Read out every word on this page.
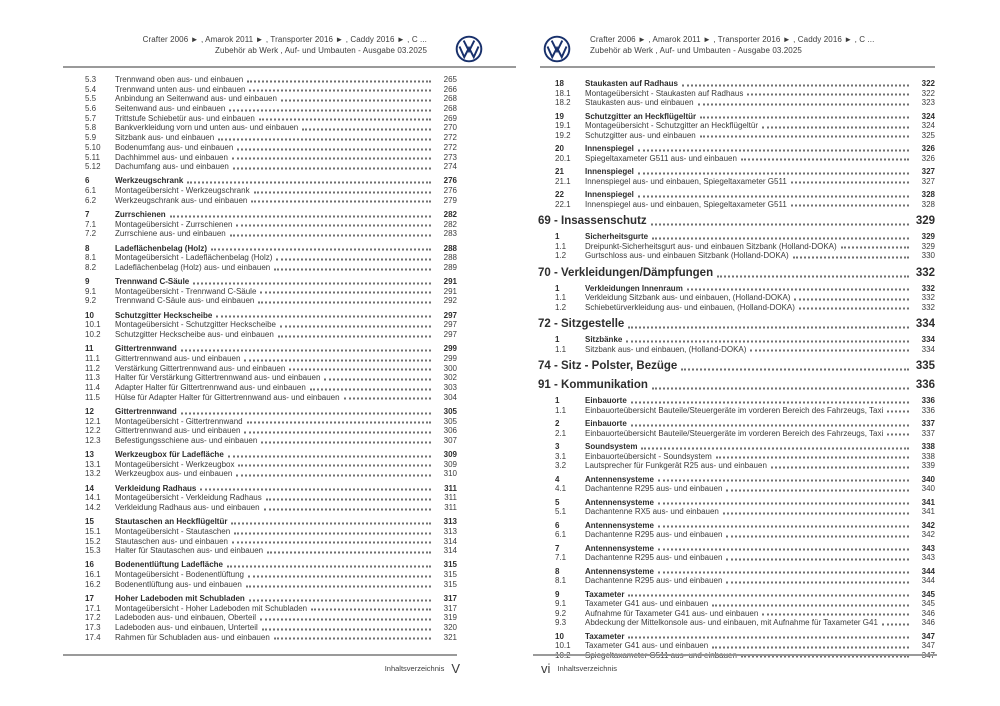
Crafter 2006 ► , Amarok 2011 ► , Transporter 2016 ► , Caddy 2016 ► , C ...
Zubehör ab Werk , Auf- und Umbauten - Ausgabe 03.2025
5.3	Trennwand oben aus- und einbauen	265
5.4	Trennwand unten aus- und einbauen	266
5.5	Anbindung an Seitenwand aus- und einbauen	268
5.6	Seitenwand aus- und einbauen	268
5.7	Trittstufe Schiebetür aus- und einbauen	269
5.8	Bankverkleidung vorn und unten aus- und einbauen	270
5.9	Sitzbank aus- und einbauen	272
5.10	Bodenumfang aus- und einbauen	272
5.11	Dachhimmel aus- und einbauen	273
5.12	Dachumfang aus- und einbauen	274
6	Werkzeugschrank	276
6.1	Montageübersicht - Werkzeugschrank	276
6.2	Werkzeugschrank aus- und einbauen	279
7	Zurrschienen	282
7.1	Montageübersicht - Zurrschienen	282
7.2	Zurrschiene aus- und einbauen	283
8	Ladeflächenbelag (Holz)	288
8.1	Montageübersicht - Ladeflächenbelag (Holz)	288
8.2	Ladeflächenbelag (Holz) aus- und einbauen	289
9	Trennwand C-Säule	291
9.1	Montageübersicht - Trennwand C-Säule	291
9.2	Trennwand C-Säule aus- und einbauen	292
10	Schutzgitter Heckscheibe	297
10.1	Montageübersicht - Schutzgitter Heckscheibe	297
10.2	Schutzgitter Heckscheibe aus- und einbauen	297
11	Gittertrennwand	299
11.1	Gittertrennwand aus- und einbauen	299
11.2	Verstärkung Gittertrennwand aus- und einbauen	300
11.3	Halter für Verstärkung Gittertrennwand aus- und einbauen	302
11.4	Adapter Halter für Gittertrennwand aus- und einbauen	303
11.5	Hülse für Adapter Halter für Gittertrennwand aus- und einbauen	304
12	Gittertrennwand	305
12.1	Montageübersicht - Gittertrennwand	305
12.2	Gittertrennwand aus- und einbauen	306
12.3	Befestigungsschiene aus- und einbauen	307
13	Werkzeugbox für Ladefläche	309
13.1	Montageübersicht - Werkzeugbox	309
13.2	Werkzeugbox aus- und einbauen	310
14	Verkleidung Radhaus	311
14.1	Montageübersicht - Verkleidung Radhaus	311
14.2	Verkleidung Radhaus aus- und einbauen	311
15	Stautaschen an Heckflügeltür	313
15.1	Montageübersicht - Stautaschen	313
15.2	Stautaschen aus- und einbauen	314
15.3	Halter für Stautaschen aus- und einbauen	314
16	Bodenentlüftung Ladefläche	315
16.1	Montageübersicht - Bodenentlüftung	315
16.2	Bodenentlüftung aus- und einbauen	315
17	Hoher Ladeboden mit Schubladen	317
17.1	Montageübersicht - Hoher Ladeboden mit Schubladen	317
17.2	Ladeboden aus- und einbauen, Oberteil	319
17.3	Ladeboden aus- und einbauen, Unterteil	320
17.4	Rahmen für Schubladen aus- und einbauen	321
Inhaltsverzeichnis V
Crafter 2006 ► , Amarok 2011 ► , Transporter 2016 ► , Caddy 2016 ► , C ...
Zubehör ab Werk , Auf- und Umbauten - Ausgabe 03.2025
18	Staukasten auf Radhaus	322
18.1	Montageübersicht - Staukasten auf Radhaus	322
18.2	Staukasten aus- und einbauen	323
19	Schutzgitter an Heckflügeltür	324
19.1	Montageübersicht - Schutzgitter an Heckflügeltür	324
19.2	Schutzgitter aus- und einbauen	325
20	Innenspiegel	326
20.1	Spiegeltaxameter G511 aus- und einbauen	326
21	Innenspiegel	327
21.1	Innenspiegel aus- und einbauen, Spiegeltaxameter G511	327
22	Innenspiegel	328
22.1	Innenspiegel aus- und einbauen, Spiegeltaxameter G511	328
69 - Insassenschutz	329
1	Sicherheitsgurte	329
1.1	Dreipunkt-Sicherheitsgurt aus- und einbauen Sitzbank (Holland-DOKA)	329
1.2	Gurtschloss aus- und einbauen Sitzbank (Holland-DOKA)	330
70 - Verkleidungen/Dämpfungen	332
1	Verkleidungen Innenraum	332
1.1	Verkleidung Sitzbank aus- und einbauen, (Holland-DOKA)	332
1.2	Schiebetürverkleidung aus- und einbauen, (Holland-DOKA)	332
72 - Sitzgestelle	334
1	Sitzbänke	334
1.1	Sitzbank aus- und einbauen, (Holland-DOKA)	334
74 - Sitz - Polster, Bezüge	335
91 - Kommunikation	336
1	Einbauorte	336
1.1	Einbauorteübersicht Bauteile/Steuergeräte im vorderen Bereich des Fahrzeugs, Taxi	336
2	Einbauorte	337
2.1	Einbauorteübersicht Bauteile/Steuergeräte im vorderen Bereich des Fahrzeugs, Taxi	337
3	Soundsystem	338
3.1	Einbauorteübersicht - Soundsystem	338
3.2	Lautsprecher für Funkgerät R25 aus- und einbauen	339
4	Antennensysteme	340
4.1	Dachantenne R295 aus- und einbauen	340
5	Antennensysteme	341
5.1	Dachantenne RX5 aus- und einbauen	341
6	Antennensysteme	342
6.1	Dachantenne R295 aus- und einbauen	342
7	Antennensysteme	343
7.1	Dachantenne R295 aus- und einbauen	343
8	Antennensysteme	344
8.1	Dachantenne R295 aus- und einbauen	344
9	Taxameter	345
9.1	Taxameter G41 aus- und einbauen	345
9.2	Aufnahme für Taxameter G41 aus- und einbauen	346
9.3	Abdeckung der Mittelkonsole aus- und einbauen, mit Aufnahme für Taxameter G41	346
10	Taxameter	347
10.1	Taxameter G41 aus- und einbauen	347
vi Inhaltsverzeichnis
